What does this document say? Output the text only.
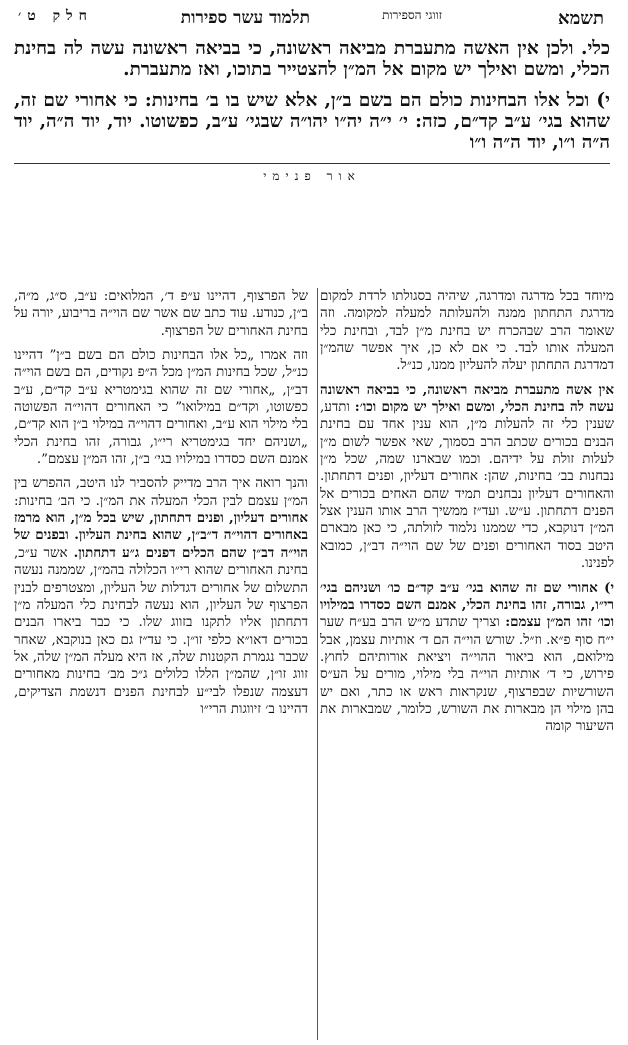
תשמא
זווגי הספירות
תלמוד עשר ספירות
חלק ט׳

כלי. ולכן אין האשה מתעברת מביאה ראשונה, כי בביאה ראשונה עשה לה בחינת הכלי, ומשם ואילך יש מקום אל המ״ן להצטייר בתוכו, ואז מתעברת.

י) וכל אלו הבחינות כולם הם בשם ב״ן, אלא שיש בו ב׳ בחינות: כי אחורי שם זה, שהוא בגי׳ ע״ב קד״ם, כזה: י׳ י״ה יה״ו יהו״ה שבגי׳ ע״ב, כפשוטו. יוד, יוד ה״ה, יוד ה״ה ו״ו, יוד ה״ה ו״ו

אור פנימי

מיוחד בכל מדרגה ומדרגה, שיהיה בסגולתו לרדת למקום מדרגת התחתון ממנה ולהעלותה למעלה למקומה. וזה שאומר הרב שבהכרח יש בחינת מ״ן לבד, ובחינת כלי המעלה אותו לבד. כי אם לא כן, איך אפשר שהמ״ן דמדרגת התחתון יעלה להעליון ממנו, כנ״ל.

אין אשה מתעברת מביאה ראשונה, כי בביאה ראשונה עשה לה בחינת הכלי, ומשם ואילך יש מקום וכו׳: ותדע, שענין כלי זה להעלות מ״ן, הוא ענין אחד עם בחינת הבנים בכורים שכתב הרב בסמוך, שאי אפשר לשום מ״ן לעלות זולת על ידיהם. וכמו שבארנו שמה, שכל מ״ן נבחנות בב׳ בחינות, שהן: אחורים דעליון, ופנים דתחתון. והאחורים דעליון נבחנים תמיד שהם האחים בכורים אל הפנים דתחתון. ע״ש. ועד״ז ממשיך הרב אותו הענין אצל המ״ן דנוקבא, כדי שממנו נלמוד לזולתה, כי כאן מבארם היטב בסוד האחורים ופנים של שם הוי״ה דב״ן, כמובא לפנינו.

י) אחורי שם זה שהוא בגי׳ ע״ב קד״ם כו׳ ושניהם בגי׳ רי״ו, גבורה, זהו בחינת הכלי, אמנם השם כסדרו במילויו וכו׳ זהו המ״ן עצמם: וצריך שתדע מ״ש הרב בע״ח שער י״ח סוף פ״א. וז״ל. שורש הוי״ה הם ד׳ אותיות עצמן, אבל מילואם, הוא ביאור ההוי״ה ויציאת אורותיהם לחוץ. פירוש, כי ד׳ אותיות הוי״ה בלי מילוי, מורים על הע״ס השורשיות שבפרצוף, שנקראות ראש או כתר, ואם יש בהן מילוי הן מבארות את השורש, כלומר, שמבארות את השיעור קומה

של הפרצוף, דהיינו ע״פ ד׳, המלואים: ע״ב, ס״ג, מ״ה, ב״ן, כנודע. עוד כתב שם אשר שם הוי״ה בריבוע, יורה על בחינת האחורים של הפרצוף.

וזה אמרו „כל אלו הבחינות כולם הם בשם ב״ן” דהיינו כנ״ל, שכל בחינות המ״ן מכל ה״פ נקודים, הם בשם הוי״ה דב״ן, „אחורי שם זה שהוא בגימטריא ע״ב קד״ם, ע״ב כפשוטו, וקד״ם במילואו” כי האחורים דהוי״ה הפשוטה בלי מילוי הוא ע״ב, ואחורים דהוי״ה במילוי ב״ן הוא קד״ם, „ושניהם יחד בגימטריא רי״ו, גבורה, זהו בחינת הכלי אמנם השם כסדרו במילויו בגי׳ ב״ן, זהו המ״ן עצמם”.

והנך רואה איך הרב מדייק להסביר לנו היטב, ההפרש בין המ״ן עצמם לבין הכלי המעלה את המ״ן. כי הב׳ בחינות: אחורים דעליון, ופנים דתחתון, שיש בכל מ״ן, הוא מרמז באחורים דהוי״ה ד״ב״ן, שהוא בחינת העליון. ובפנים של הוי״ה דב״ן שהם הכלים דפנים ג״ע דתחתון. אשר ע״כ, בחינת האחורים שהוא רי״ו הכלולה בהמ״ן, שממנה נעשה התשלום של אחורים דגדלות של העליון, ומצטרפים לבנין הפרצוף של העליון, הוא נעשה לבחינת כלי המעלה מ״ן דתחתון אליו לתקנו בזווג שלו. כי כבר ביארו הבנים בכורים דאו״א כלפי זו״ן. כי עד״ז גם כאן בנוקבא, שאחר שכבר נגמרת הקטנות שלה, אז היא מעלה המ״ן שלה, אל זווג זו״ן, שהמ״ן הללו כלולים ג״כ מב׳ בחינות מאחורים דעצמה שנפלו לבי״ע לבחינת הפנים דנשמת הצדיקים, דהיינו ב׳ זיווגות הרי״ו
